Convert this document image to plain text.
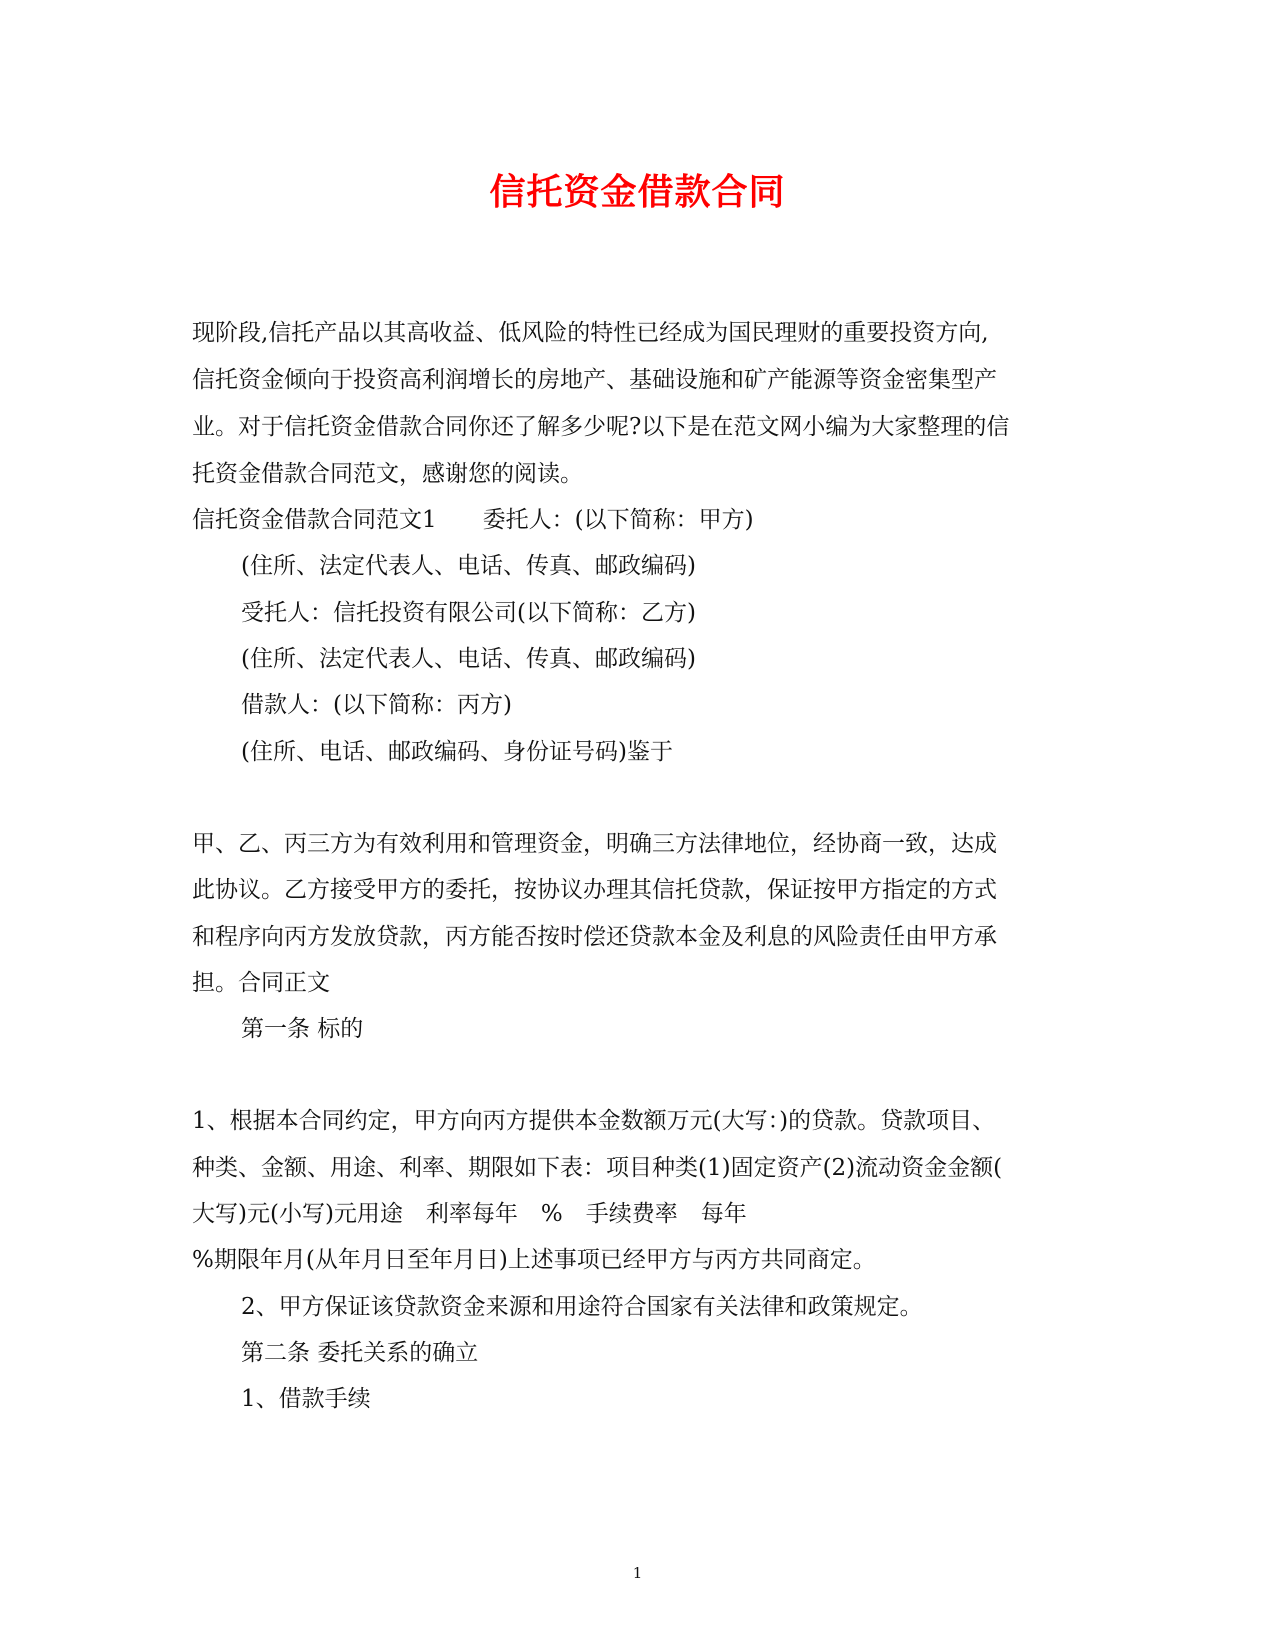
信托资金借款合同
现阶段,信托产品以其高收益、低风险的特性已经成为国民理财的重要投资方向,
信托资金倾向于投资高利润增长的房地产、基础设施和矿产能源等资金密集型产
业。对于信托资金借款合同你还了解多少呢?以下是在范文网小编为大家整理的信
托资金借款合同范文，感谢您的阅读。
信托资金借款合同范文1　　委托人：(以下简称：甲方)
(住所、法定代表人、电话、传真、邮政编码)
受托人：信托投资有限公司(以下简称：乙方)
(住所、法定代表人、电话、传真、邮政编码)
借款人：(以下简称：丙方)
(住所、电话、邮政编码、身份证号码)鉴于
甲、乙、丙三方为有效利用和管理资金，明确三方法律地位，经协商一致，达成
此协议。乙方接受甲方的委托，按协议办理其信托贷款，保证按甲方指定的方式
和程序向丙方发放贷款，丙方能否按时偿还贷款本金及利息的风险责任由甲方承
担。合同正文
第一条 标的
1、根据本合同约定，甲方向丙方提供本金数额万元(大写：)的贷款。贷款项目、
种类、金额、用途、利率、期限如下表：项目种类(1)固定资产(2)流动资金金额(
大写)元(小写)元用途　利率每年　%　手续费率　每年
%期限年月(从年月日至年月日)上述事项已经甲方与丙方共同商定。
2、甲方保证该贷款资金来源和用途符合国家有关法律和政策规定。
第二条 委托关系的确立
1、借款手续
1
